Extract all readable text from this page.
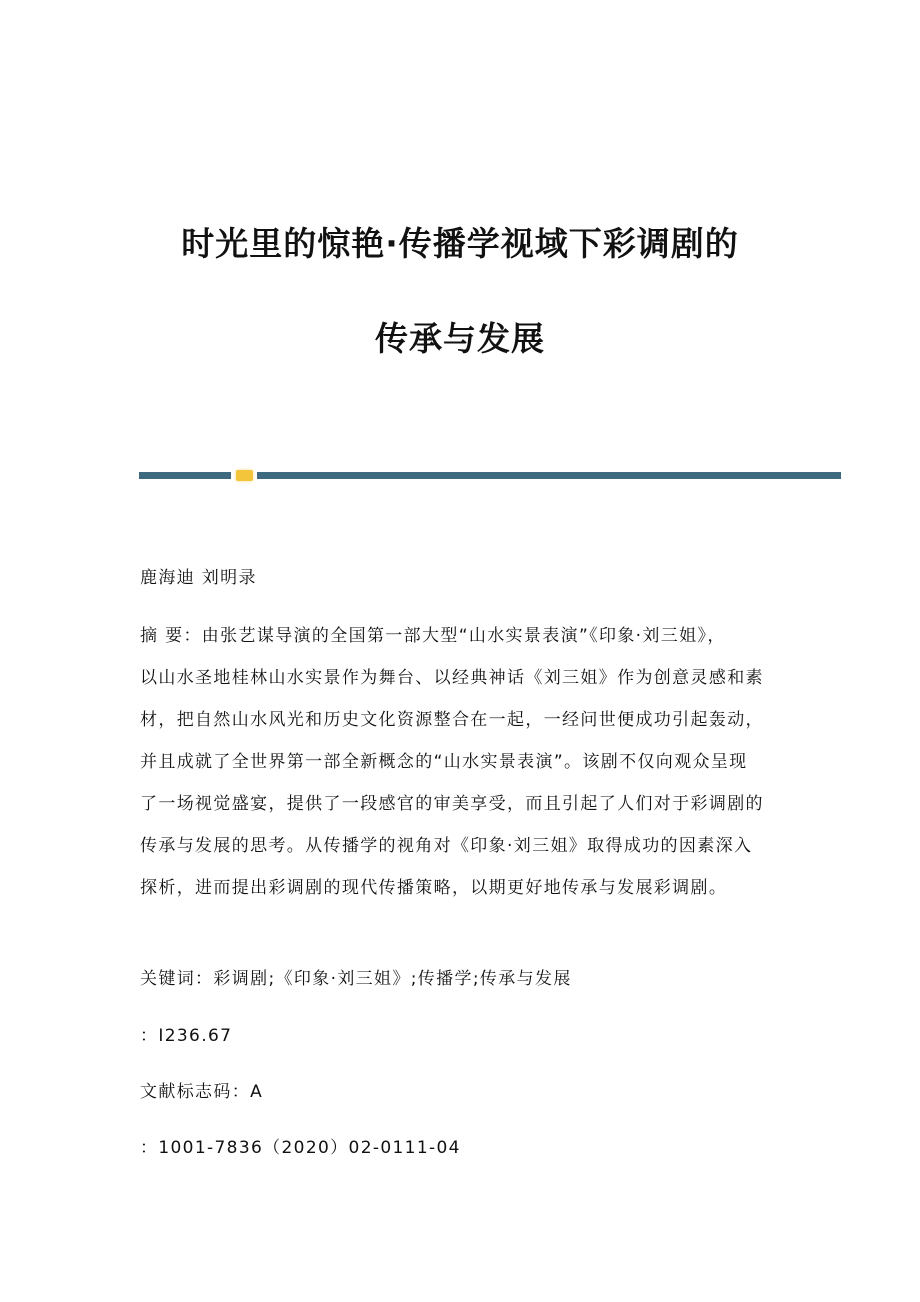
时光里的惊艳·传播学视域下彩调剧的
传承与发展
鹿海迪 刘明录
摘 要：由张艺谋导演的全国第一部大型“山水实景表演”《印象·刘三姐》，
以山水圣地桂林山水实景作为舞台、以经典神话《刘三姐》作为创意灵感和素
材，把自然山水风光和历史文化资源整合在一起，一经问世便成功引起轰动，
并且成就了全世界第一部全新概念的“山水实景表演”。该剧不仅向观众呈现
了一场视觉盛宴，提供了一段感官的审美享受，而且引起了人们对于彩调剧的
传承与发展的思考。从传播学的视角对《印象·刘三姐》取得成功的因素深入
探析，进而提出彩调剧的现代传播策略，以期更好地传承与发展彩调剧。
关键词：彩调剧;《印象·刘三姐》;传播学;传承与发展
：I236.67
文献标志码：A
：1001-7836（2020）02-0111-04
